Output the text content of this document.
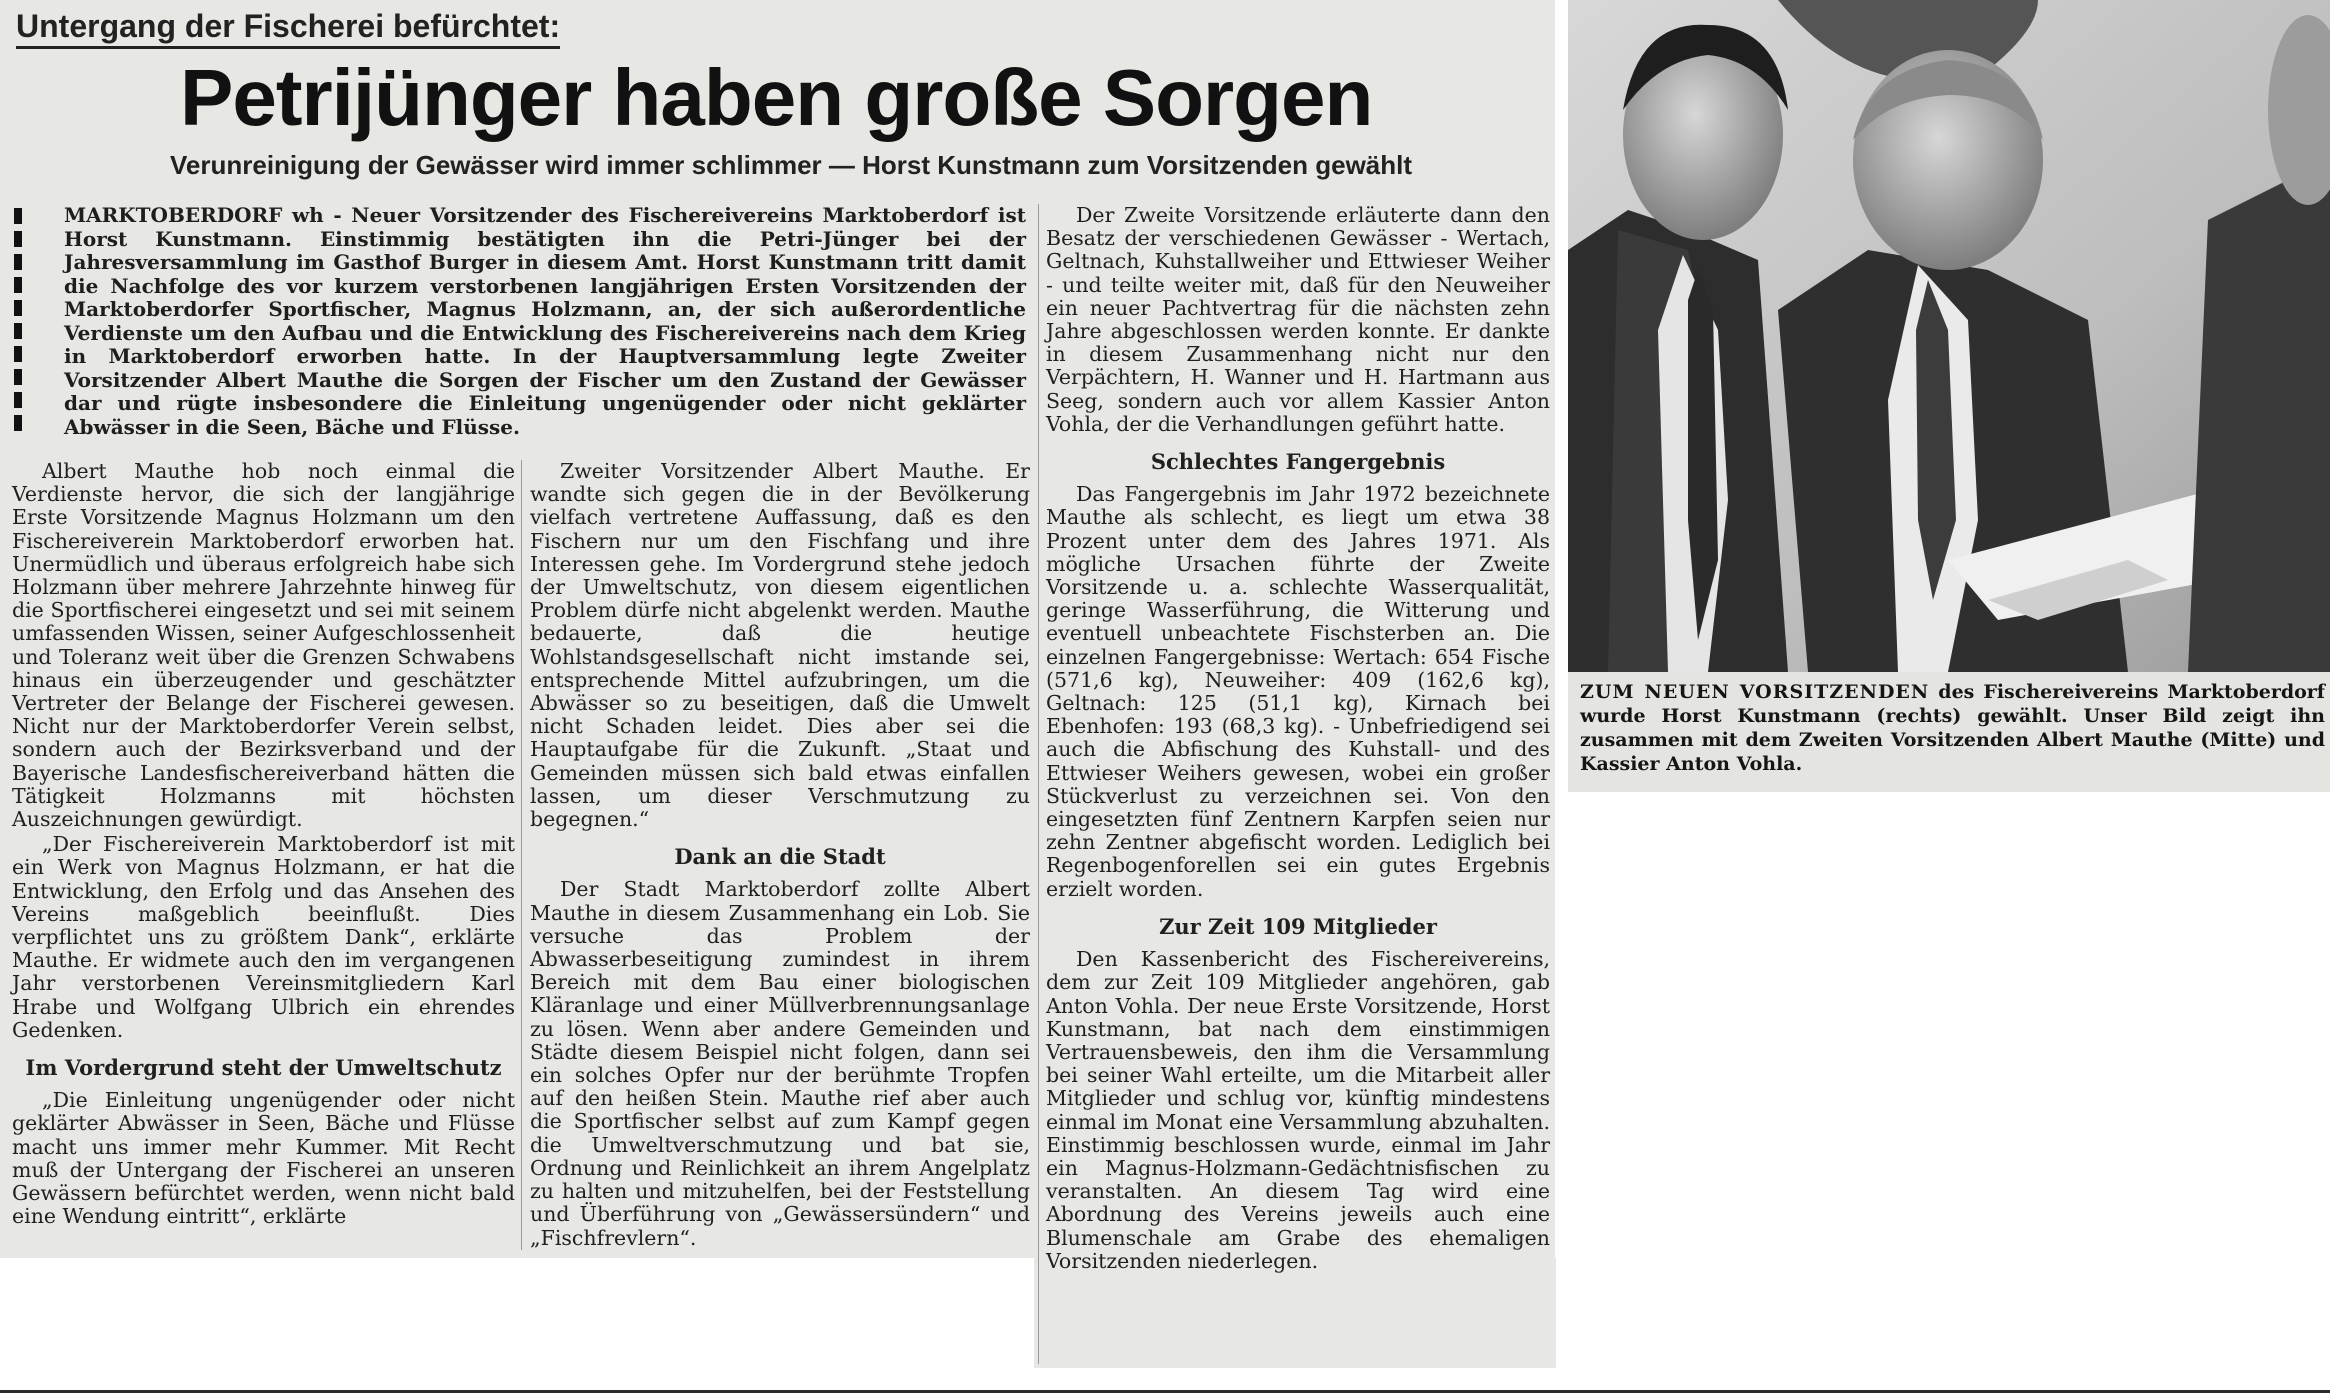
Untergang der Fischerei befürchtet:
Petrijünger haben große Sorgen
Verunreinigung der Gewässer wird immer schlimmer — Horst Kunstmann zum Vorsitzenden gewählt
MARKTOBERDORF wh - Neuer Vorsitzender des Fischereivereins Marktoberdorf ist Horst Kunstmann. Einstimmig bestätigten ihn die Petri-Jünger bei der Jahresversammlung im Gasthof Burger in diesem Amt. Horst Kunstmann tritt damit die Nachfolge des vor kurzem verstorbenen langjährigen Ersten Vorsitzenden der Marktoberdorfer Sportfischer, Magnus Holzmann, an, der sich außerordentliche Verdienste um den Aufbau und die Entwicklung des Fischereivereins nach dem Krieg in Marktoberdorf erworben hatte. In der Hauptversammlung legte Zweiter Vorsitzender Albert Mauthe die Sorgen der Fischer um den Zustand der Gewässer dar und rügte insbesondere die Einleitung ungenügender oder nicht geklärter Abwässer in die Seen, Bäche und Flüsse.

Albert Mauthe hob noch einmal die Verdienste hervor, die sich der langjährige Erste Vorsitzende Magnus Holzmann um den Fischereiverein Marktoberdorf erworben hat. Unermüdlich und überaus erfolgreich habe sich Holzmann über mehrere Jahrzehnte hinweg für die Sportfischerei eingesetzt und sei mit seinem umfassenden Wissen, seiner Aufgeschlossenheit und Toleranz weit über die Grenzen Schwabens hinaus ein überzeugender und geschätzter Vertreter der Belange der Fischerei gewesen. Nicht nur der Marktoberdorfer Verein selbst, sondern auch der Bezirksverband und der Bayerische Landesfischereiverband hätten die Tätigkeit Holzmanns mit höchsten Auszeichnungen gewürdigt.

„Der Fischereiverein Marktoberdorf ist mit ein Werk von Magnus Holzmann, er hat die Entwicklung, den Erfolg und das Ansehen des Vereins maßgeblich beeinflußt. Dies verpflichtet uns zu größtem Dank“, erklärte Mauthe. Er widmete auch den im vergangenen Jahr verstorbenen Vereinsmitgliedern Karl Hrabe und Wolfgang Ulbrich ein ehrendes Gedenken.

Im Vordergrund steht der Umweltschutz

„Die Einleitung ungenügender oder nicht geklärter Abwässer in Seen, Bäche und Flüsse macht uns immer mehr Kummer. Mit Recht muß der Untergang der Fischerei an unseren Gewässern befürchtet werden, wenn nicht bald eine Wendung eintritt“, erklärte

Zweiter Vorsitzender Albert Mauthe. Er wandte sich gegen die in der Bevölkerung vielfach vertretene Auffassung, daß es den Fischern nur um den Fischfang und ihre Interessen gehe. Im Vordergrund stehe jedoch der Umweltschutz, von diesem eigentlichen Problem dürfe nicht abgelenkt werden. Mauthe bedauerte, daß die heutige Wohlstandsgesellschaft nicht imstande sei, entsprechende Mittel aufzubringen, um die Abwässer so zu beseitigen, daß die Umwelt nicht Schaden leidet. Dies aber sei die Hauptaufgabe für die Zukunft. „Staat und Gemeinden müssen sich bald etwas einfallen lassen, um dieser Verschmutzung zu begegnen.“

Dank an die Stadt

Der Stadt Marktoberdorf zollte Albert Mauthe in diesem Zusammenhang ein Lob. Sie versuche das Problem der Abwasserbeseitigung zumindest in ihrem Bereich mit dem Bau einer biologischen Kläranlage und einer Müllverbrennungsanlage zu lösen. Wenn aber andere Gemeinden und Städte diesem Beispiel nicht folgen, dann sei ein solches Opfer nur der berühmte Tropfen auf den heißen Stein. Mauthe rief aber auch die Sportfischer selbst auf zum Kampf gegen die Umweltverschmutzung und bat sie, Ordnung und Reinlichkeit an ihrem Angelplatz zu halten und mitzuhelfen, bei der Feststellung und Überführung von „Gewässersündern“ und „Fischfrevlern“.

Der Zweite Vorsitzende erläuterte dann den Besatz der verschiedenen Gewässer - Wertach, Geltnach, Kuhstallweiher und Ettwieser Weiher - und teilte weiter mit, daß für den Neuweiher ein neuer Pachtvertrag für die nächsten zehn Jahre abgeschlossen werden konnte. Er dankte in diesem Zusammenhang nicht nur den Verpächtern, H. Wanner und H. Hartmann aus Seeg, sondern auch vor allem Kassier Anton Vohla, der die Verhandlungen geführt hatte.

Schlechtes Fangergebnis

Das Fangergebnis im Jahr 1972 bezeichnete Mauthe als schlecht, es liegt um etwa 38 Prozent unter dem des Jahres 1971. Als mögliche Ursachen führte der Zweite Vorsitzende u. a. schlechte Wasserqualität, geringe Wasserführung, die Witterung und eventuell unbeachtete Fischsterben an. Die einzelnen Fangergebnisse: Wertach: 654 Fische (571,6 kg), Neuweiher: 409 (162,6 kg), Geltnach: 125 (51,1 kg), Kirnach bei Ebenhofen: 193 (68,3 kg). - Unbefriedigend sei auch die Abfischung des Kuhstall- und des Ettwieser Weihers gewesen, wobei ein großer Stückverlust zu verzeichnen sei. Von den eingesetzten fünf Zentnern Karpfen seien nur zehn Zentner abgefischt worden. Lediglich bei Regenbogenforellen sei ein gutes Ergebnis erzielt worden.

Zur Zeit 109 Mitglieder

Den Kassenbericht des Fischereivereins, dem zur Zeit 109 Mitglieder angehören, gab Anton Vohla. Der neue Erste Vorsitzende, Horst Kunstmann, bat nach dem einstimmigen Vertrauensbeweis, den ihm die Versammlung bei seiner Wahl erteilte, um die Mitarbeit aller Mitglieder und schlug vor, künftig mindestens einmal im Monat eine Versammlung abzuhalten. Einstimmig beschlossen wurde, einmal im Jahr ein Magnus-Holzmann-Gedächtnisfischen zu veranstalten. An diesem Tag wird eine Abordnung des Vereins jeweils auch eine Blumenschale am Grabe des ehemaligen Vorsitzenden niederlegen.

ZUM NEUEN VORSITZENDEN des Fischereivereins Marktoberdorf wurde Horst Kunstmann (rechts) gewählt. Unser Bild zeigt ihn zusammen mit dem Zweiten Vorsitzenden Albert Mauthe (Mitte) und Kassier Anton Vohla.
